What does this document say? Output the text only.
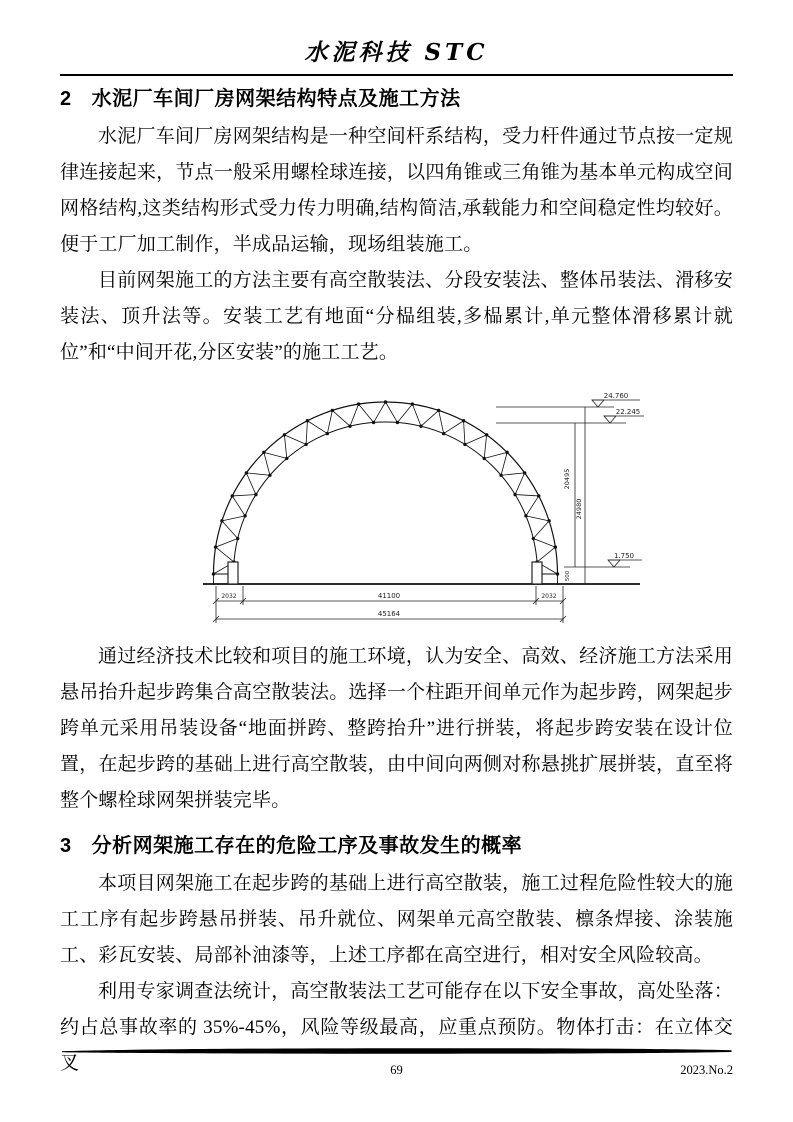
水泥科技 STC
2 水泥厂车间厂房网架结构特点及施工方法

水泥厂车间厂房网架结构是一种空间杆系结构，受力杆件通过节点按一定规律连接起来，节点一般采用螺栓球连接，以四角锥或三角锥为基本单元构成空间网格结构,这类结构形式受力传力明确,结构简洁,承载能力和空间稳定性均较好。便于工厂加工制作，半成品运输，现场组装施工。

目前网架施工的方法主要有高空散装法、分段安装法、整体吊装法、滑移安装法、顶升法等。安装工艺有地面“分榀组装,多榀累计,单元整体滑移累计就位”和“中间开花,分区安装”的施工工艺。

24.760
22.245
1.750
20495
24980
500
2032	41100	2032
45164

通过经济技术比较和项目的施工环境，认为安全、高效、经济施工方法采用悬吊抬升起步跨集合高空散装法。选择一个柱距开间单元作为起步跨，网架起步跨单元采用吊装设备“地面拼跨、整跨抬升”进行拼装，将起步跨安装在设计位置，在起步跨的基础上进行高空散装，由中间向两侧对称悬挑扩展拼装，直至将整个螺栓球网架拼装完毕。

3 分析网架施工存在的危险工序及事故发生的概率

本项目网架施工在起步跨的基础上进行高空散装，施工过程危险性较大的施工工序有起步跨悬吊拼装、吊升就位、网架单元高空散装、檩条焊接、涂装施工、彩瓦安装、局部补油漆等，上述工序都在高空进行，相对安全风险较高。

利用专家调查法统计，高空散装法工艺可能存在以下安全事故，高处坠落：约占总事故率的 35%-45%，风险等级最高，应重点预防。物体打击：在立体交叉	69	2023.No.2
